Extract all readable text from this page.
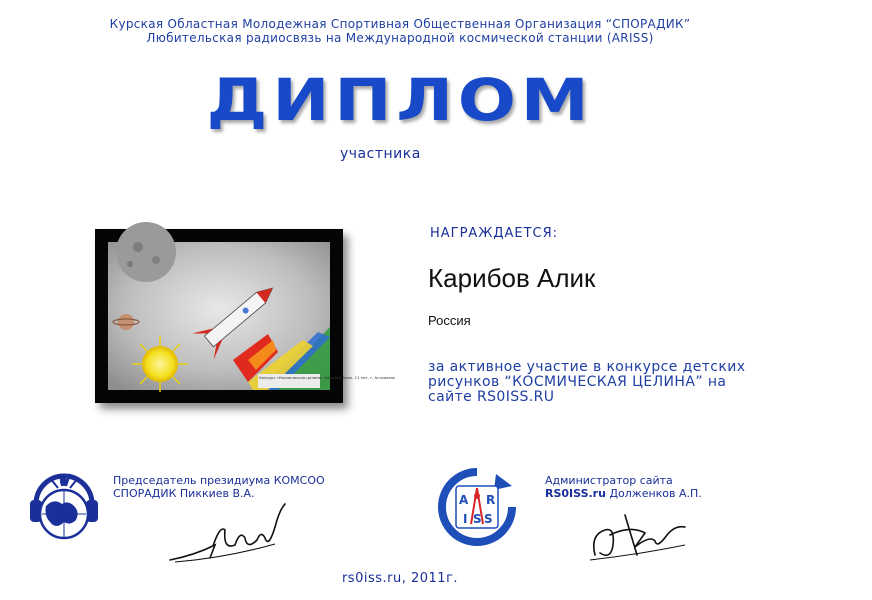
Курская Областная Молодежная Спортивная Общественная Организация “СПОРАДИК”
Любительская радиосвязь на Международной космической станции (ARISS)
ДИПЛОМ
участника
Конкурс «Космическая целина» Карибов Алик, 11 лет, г. Астрахань
НАГРАЖДАЕТСЯ:
Карибов Алик
Россия
за активное участие в конкурсе детских рисунков “КОСМИЧЕСКАЯ ЦЕЛИНА” на сайте RS0ISS.RU
Председатель президиума КОМСОО СПОРАДИК Пиккиев В.А.	A R
I S S
Администратор сайта
RS0ISS.ru Долженков А.П.
rs0iss.ru, 2011г.
